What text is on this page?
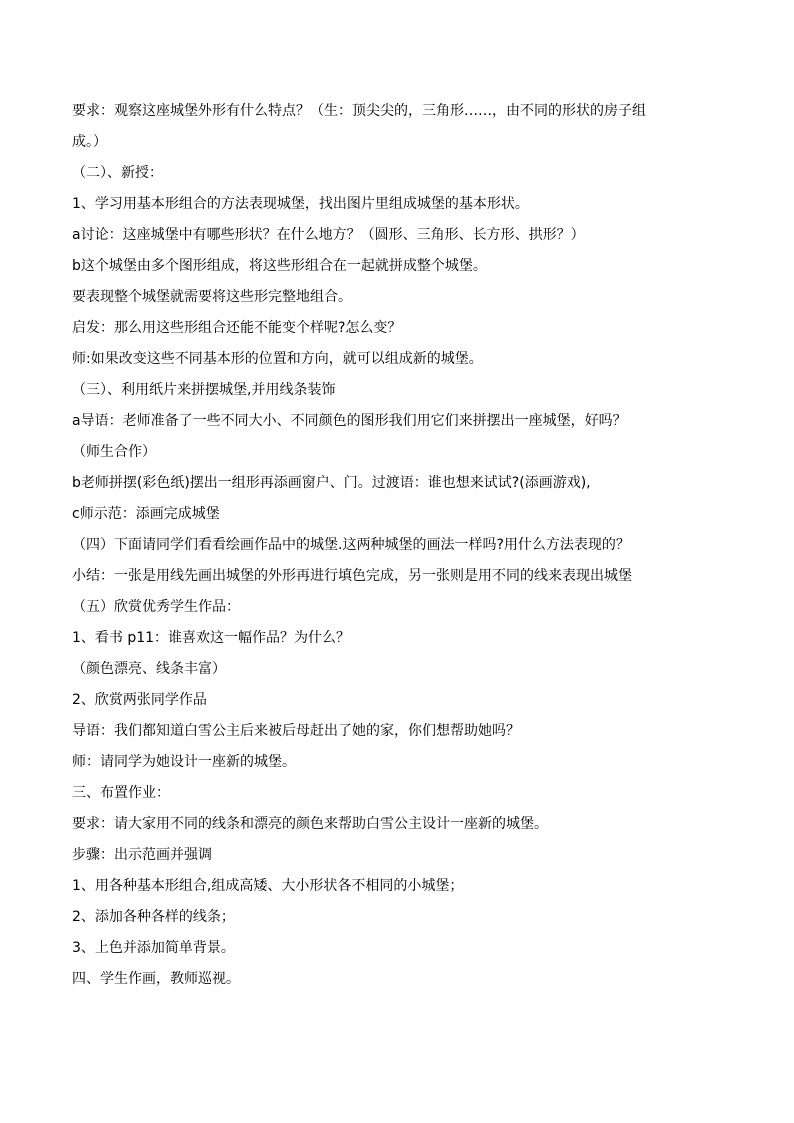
要求：观察这座城堡外形有什么特点？（生：顶尖尖的，三角形……，由不同的形状的房子组

成。）

（二）、新授：

1、学习用基本形组合的方法表现城堡，找出图片里组成城堡的基本形状。

a讨论：这座城堡中有哪些形状？在什么地方？（圆形、三角形、长方形、拱形？）

b这个城堡由多个图形组成，将这些形组合在一起就拼成整个城堡。

要表现整个城堡就需要将这些形完整地组合。

启发：那么用这些形组合还能不能变个样呢?怎么变？

师:如果改变这些不同基本形的位置和方向，就可以组成新的城堡。

（三）、利用纸片来拼摆城堡,并用线条装饰

a导语：老师准备了一些不同大小、不同颜色的图形我们用它们来拼摆出一座城堡，好吗？

（师生合作）

b老师拼摆(彩色纸)摆出一组形再添画窗户、门。过渡语：谁也想来试试?(添画游戏),

c师示范：添画完成城堡

（四）下面请同学们看看绘画作品中的城堡.这两种城堡的画法一样吗?用什么方法表现的？

小结：一张是用线先画出城堡的外形再进行填色完成，另一张则是用不同的线来表现出城堡

（五）欣赏优秀学生作品：

1、看书 p11：谁喜欢这一幅作品？为什么？

（颜色漂亮、线条丰富）

2、欣赏两张同学作品

导语：我们都知道白雪公主后来被后母赶出了她的家，你们想帮助她吗？

师：请同学为她设计一座新的城堡。

三、布置作业：

要求：请大家用不同的线条和漂亮的颜色来帮助白雪公主设计一座新的城堡。

步骤：出示范画并强调

1、用各种基本形组合,组成高矮、大小形状各不相同的小城堡；

2、添加各种各样的线条；

3、上色并添加简单背景。

四、学生作画，教师巡视。
